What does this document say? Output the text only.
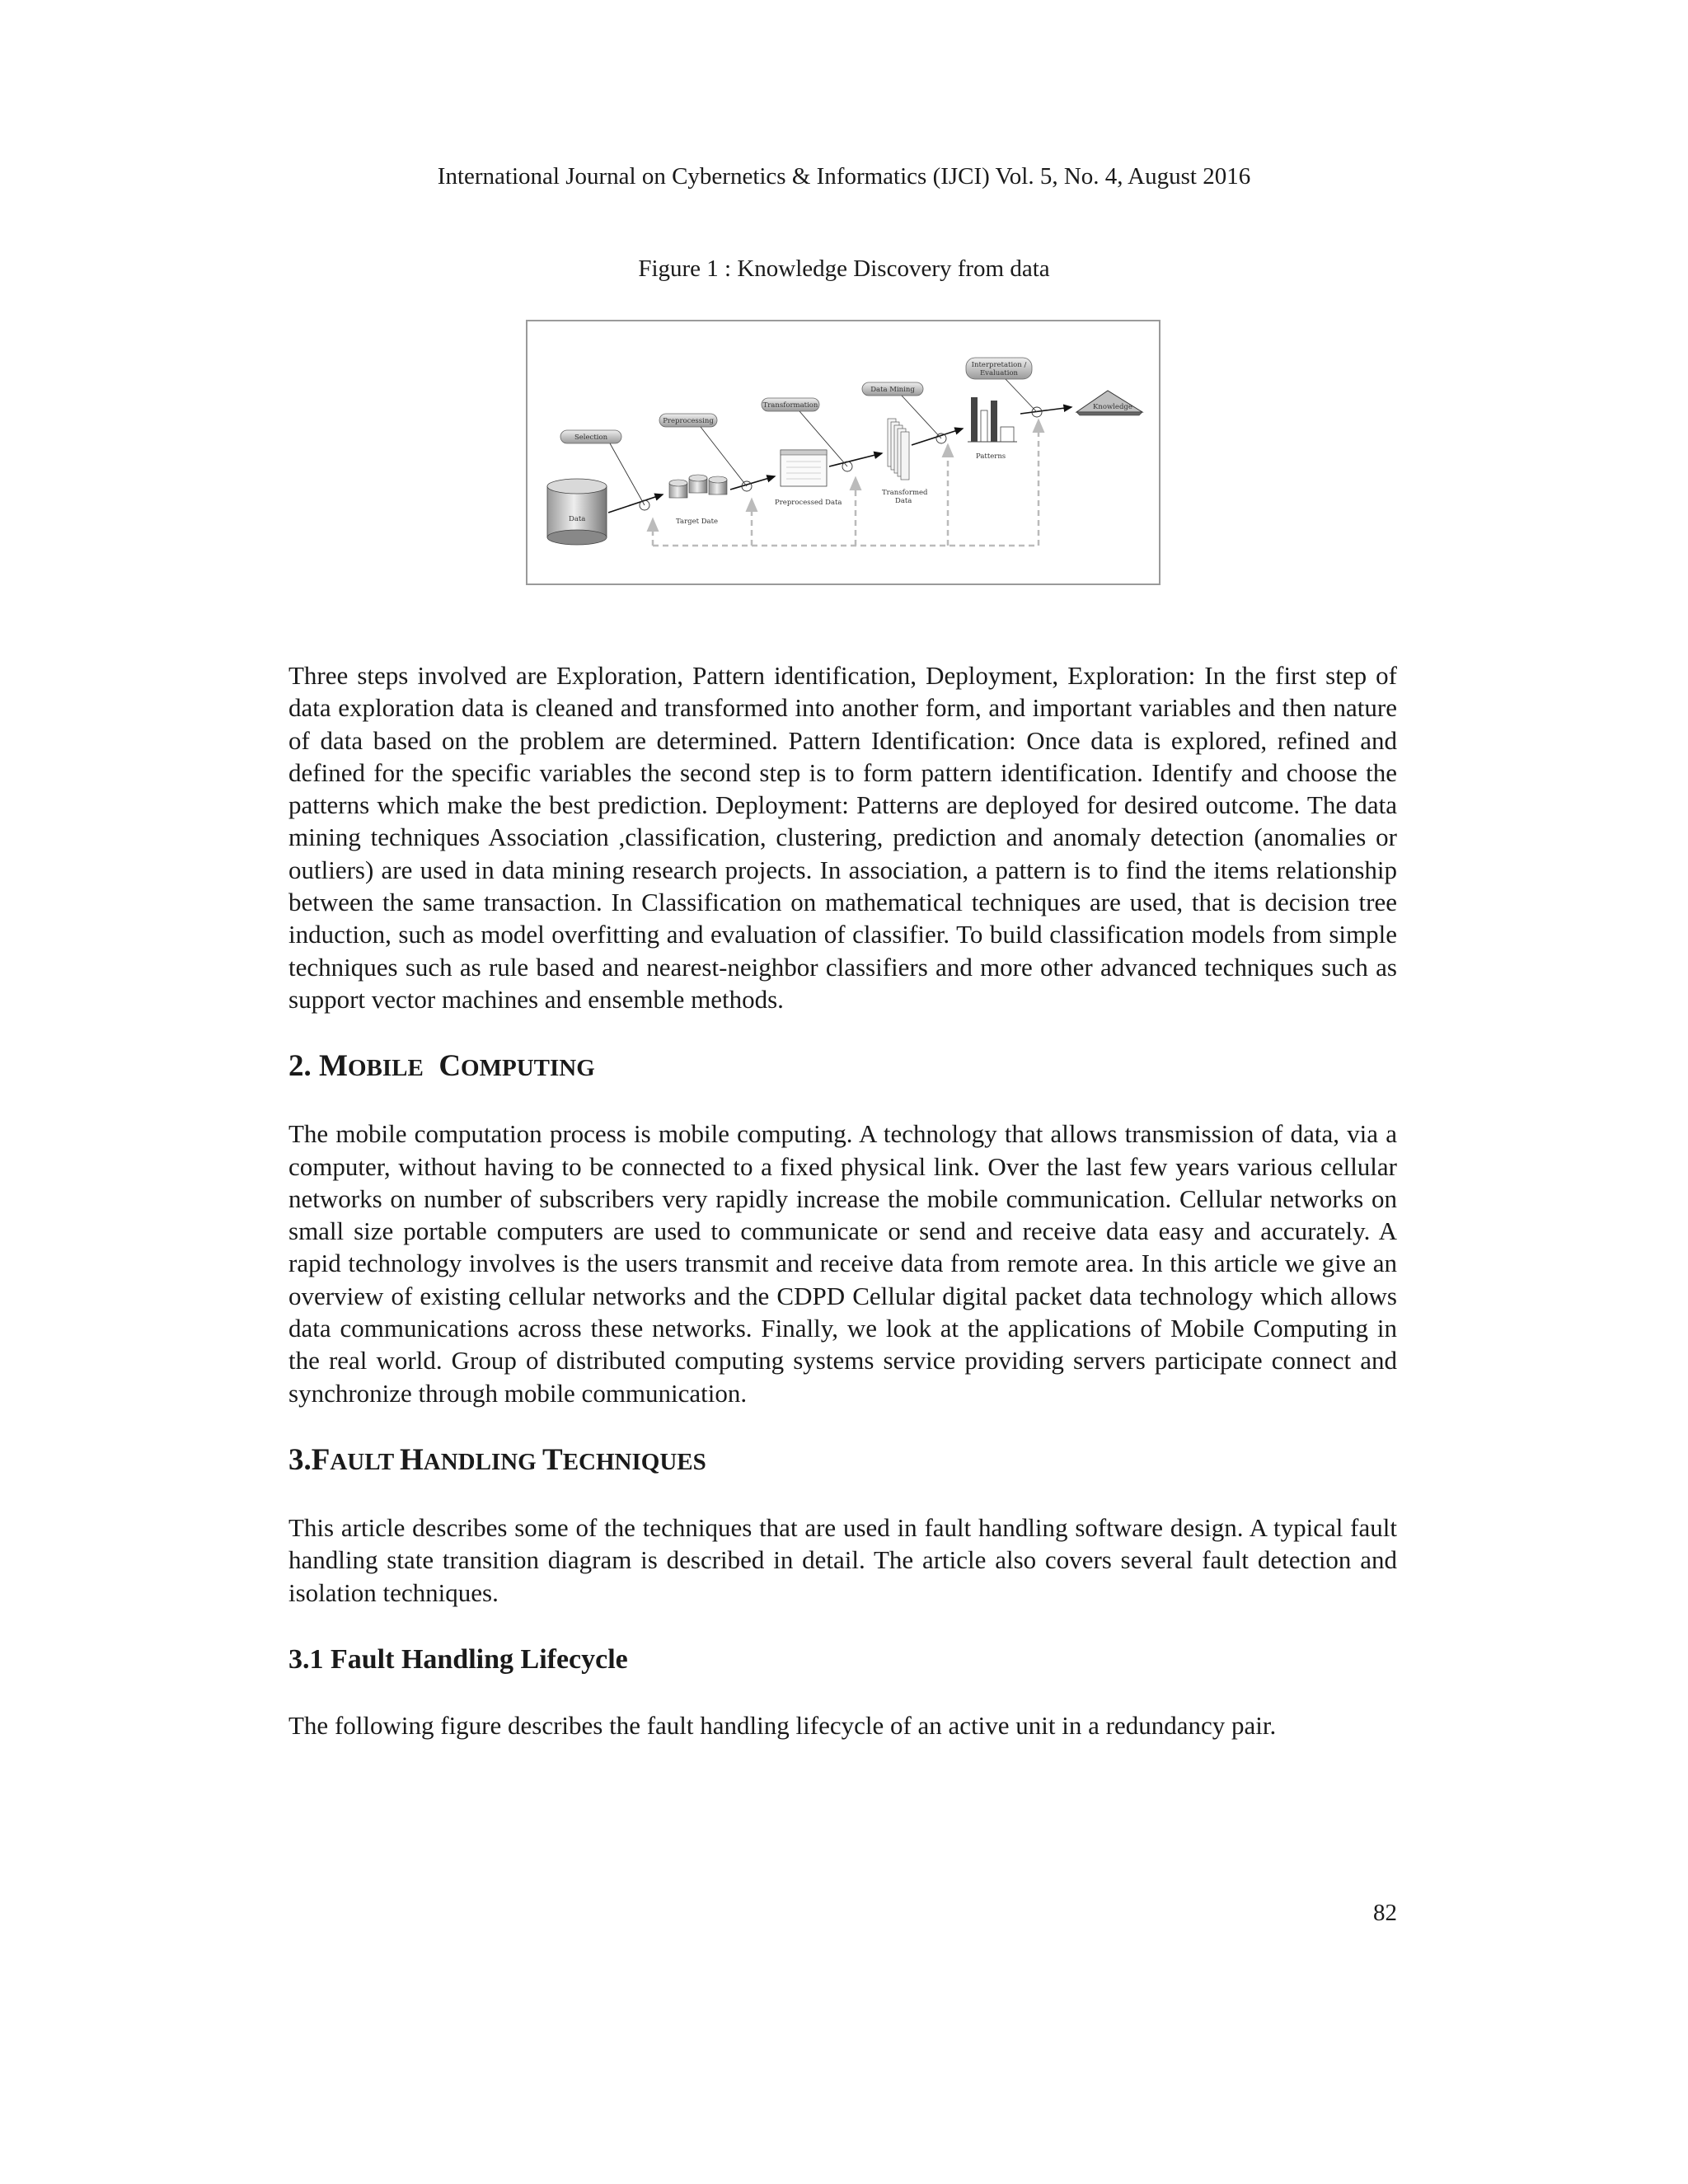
International Journal on Cybernetics & Informatics (IJCI) Vol. 5, No. 4, August 2016
Figure 1 : Knowledge Discovery from data
Selection
Preprocessing
Transformation
Data Mining
Interpretation /
Evaluation
Data	Target Date
Preprocessed Data
Transformed
Data
Patterns
Knowledge

Three steps involved are Exploration, Pattern identification, Deployment, Exploration: In the first step of data exploration data is cleaned and transformed into another form, and important variables and then nature of data based on the problem are determined. Pattern Identification: Once data is explored, refined and defined for the specific variables the second step is to form pattern identification. Identify and choose the patterns which make the best prediction. Deployment: Patterns are deployed for desired outcome. The data mining techniques Association ,classification, clustering, prediction and anomaly detection (anomalies or outliers) are used in data mining research projects. In association, a pattern is to find the items relationship between the same transaction. In Classification on mathematical techniques are used, that is decision tree induction, such as model overfitting and evaluation of classifier. To build classification models from simple techniques such as rule based and nearest-neighbor classifiers and more other advanced techniques such as support vector machines and ensemble methods.

2. MOBILE COMPUTING

The mobile computation process is mobile computing. A technology that allows transmission of data, via a computer, without having to be connected to a fixed physical link. Over the last few years various cellular networks on number of subscribers very rapidly increase the mobile communication. Cellular networks on small size portable computers are used to communicate or send and receive data easy and accurately. A rapid technology involves is the users transmit and receive data from remote area. In this article we give an overview of existing cellular networks and the CDPD Cellular digital packet data technology which allows data communications across these networks. Finally, we look at the applications of Mobile Computing in the real world. Group of distributed computing systems service providing servers participate connect and synchronize through mobile communication.

3.FAULT HANDLING TECHNIQUES

This article describes some of the techniques that are used in fault handling software design. A typical fault handling state transition diagram is described in detail. The article also covers several fault detection and isolation techniques.

3.1 Fault Handling Lifecycle

The following figure describes the fault handling lifecycle of an active unit in a redundancy pair.

82
